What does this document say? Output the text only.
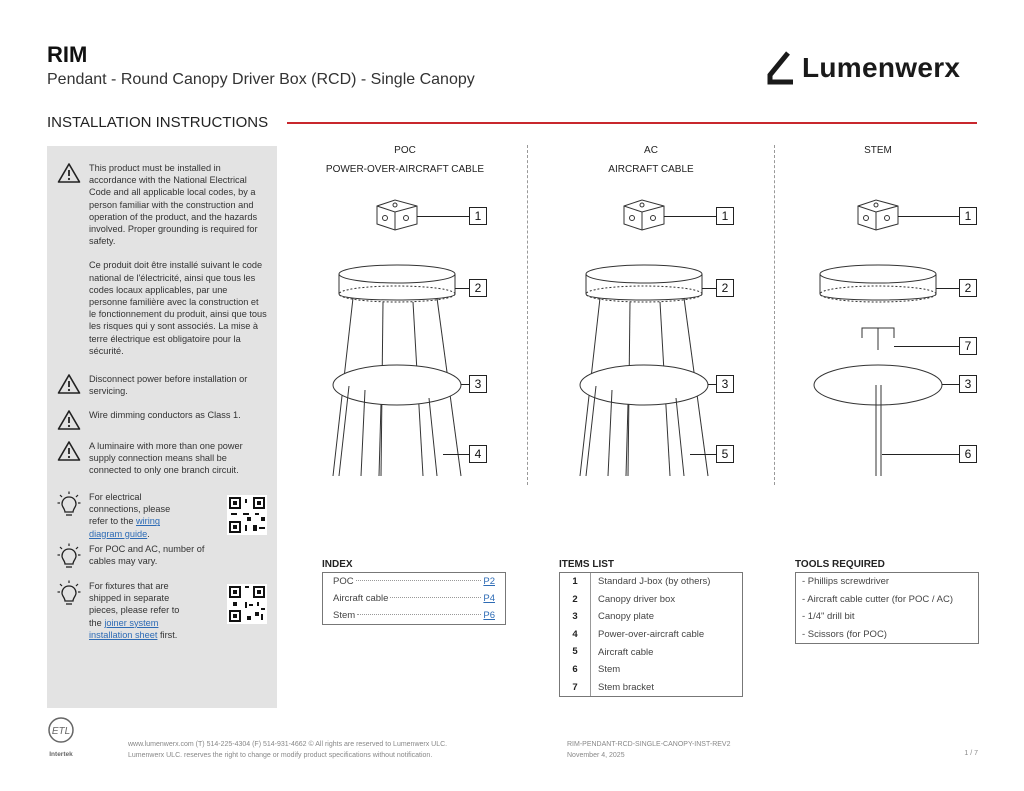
RIM
Pendant - Round Canopy Driver Box (RCD) - Single Canopy	Lumenwerx
INSTALLATION INSTRUCTIONS
This product must be installed in accordance with the National Electrical Code and all applicable local codes, by a person familiar with the construction and operation of the product, and the hazards involved. Proper grounding is required for safety.
Ce produit doit être installé suivant le code national de l'électricité, ainsi que tous les codes locaux applicables, par une personne familière avec la construction et le fonctionnement du produit, ainsi que tous les risques qui y sont associés. La mise à terre électrique est obligatoire pour la sécurité.
Disconnect power before installation or servicing.
Wire dimming conductors as Class 1.
A luminaire with more than one power supply connection means shall be connected to only one branch circuit.
For electrical connections, please refer to the wiring diagram guide.
For POC and AC, number of cables may vary.
For fixtures that are shipped in separate pieces, please refer to the joiner system installation sheet first.
POC
POWER-OVER-AIRCRAFT CABLE
AC
AIRCRAFT CABLE
STEM
1
2
3
4
1
2
3
5
1
2
7
3
6
INDEX
POC	P2
Aircraft cable	P4
Stem	P6
ITEMS LIST
1	Standard J-box (by others)
2	Canopy driver box
3	Canopy plate
4	Power-over-aircraft cable
5	Aircraft cable
6	Stem
7	Stem bracket
TOOLS REQUIRED
- Phillips screwdriver
- Aircraft cable cutter (for POC / AC)
- 1/4" drill bit
- Scissors (for POC)
ETL
Intertek
www.lumenwerx.com (T) 514-225-4304 (F) 514-931-4662 © All rights are reserved to Lumenwerx ULC.
Lumenwerx ULC. reserves the right to change or modify product specifications without notification.
RIM-PENDANT-RCD-SINGLE-CANOPY-INST-REV2
November 4, 2025	1 / 7
